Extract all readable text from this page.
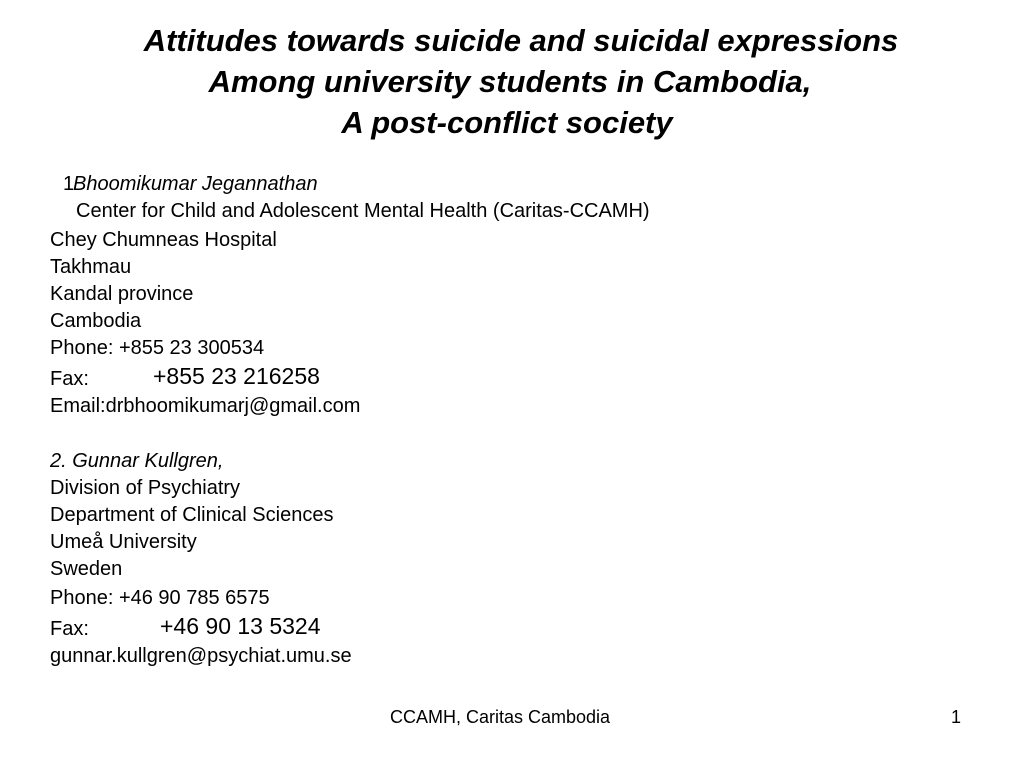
Attitudes towards suicide and suicidal expressions
Among university students in Cambodia,
A post-conflict society
1
Bhoomikumar Jegannathan
Center for Child and Adolescent Mental Health (Caritas-CCAMH)
Chey Chumneas Hospital
Takhmau
Kandal province
Cambodia
Phone: +855 23 300534
Fax:	+855 23 216258
Email:drbhoomikumarj@gmail.com
2. Gunnar Kullgren,
Division of Psychiatry
Department of Clinical Sciences
Umeå University
Sweden
Phone: +46 90 785 6575
Fax:	+46 90 13 5324
gunnar.kullgren@psychiat.umu.se
CCAMH, Caritas Cambodia	1
